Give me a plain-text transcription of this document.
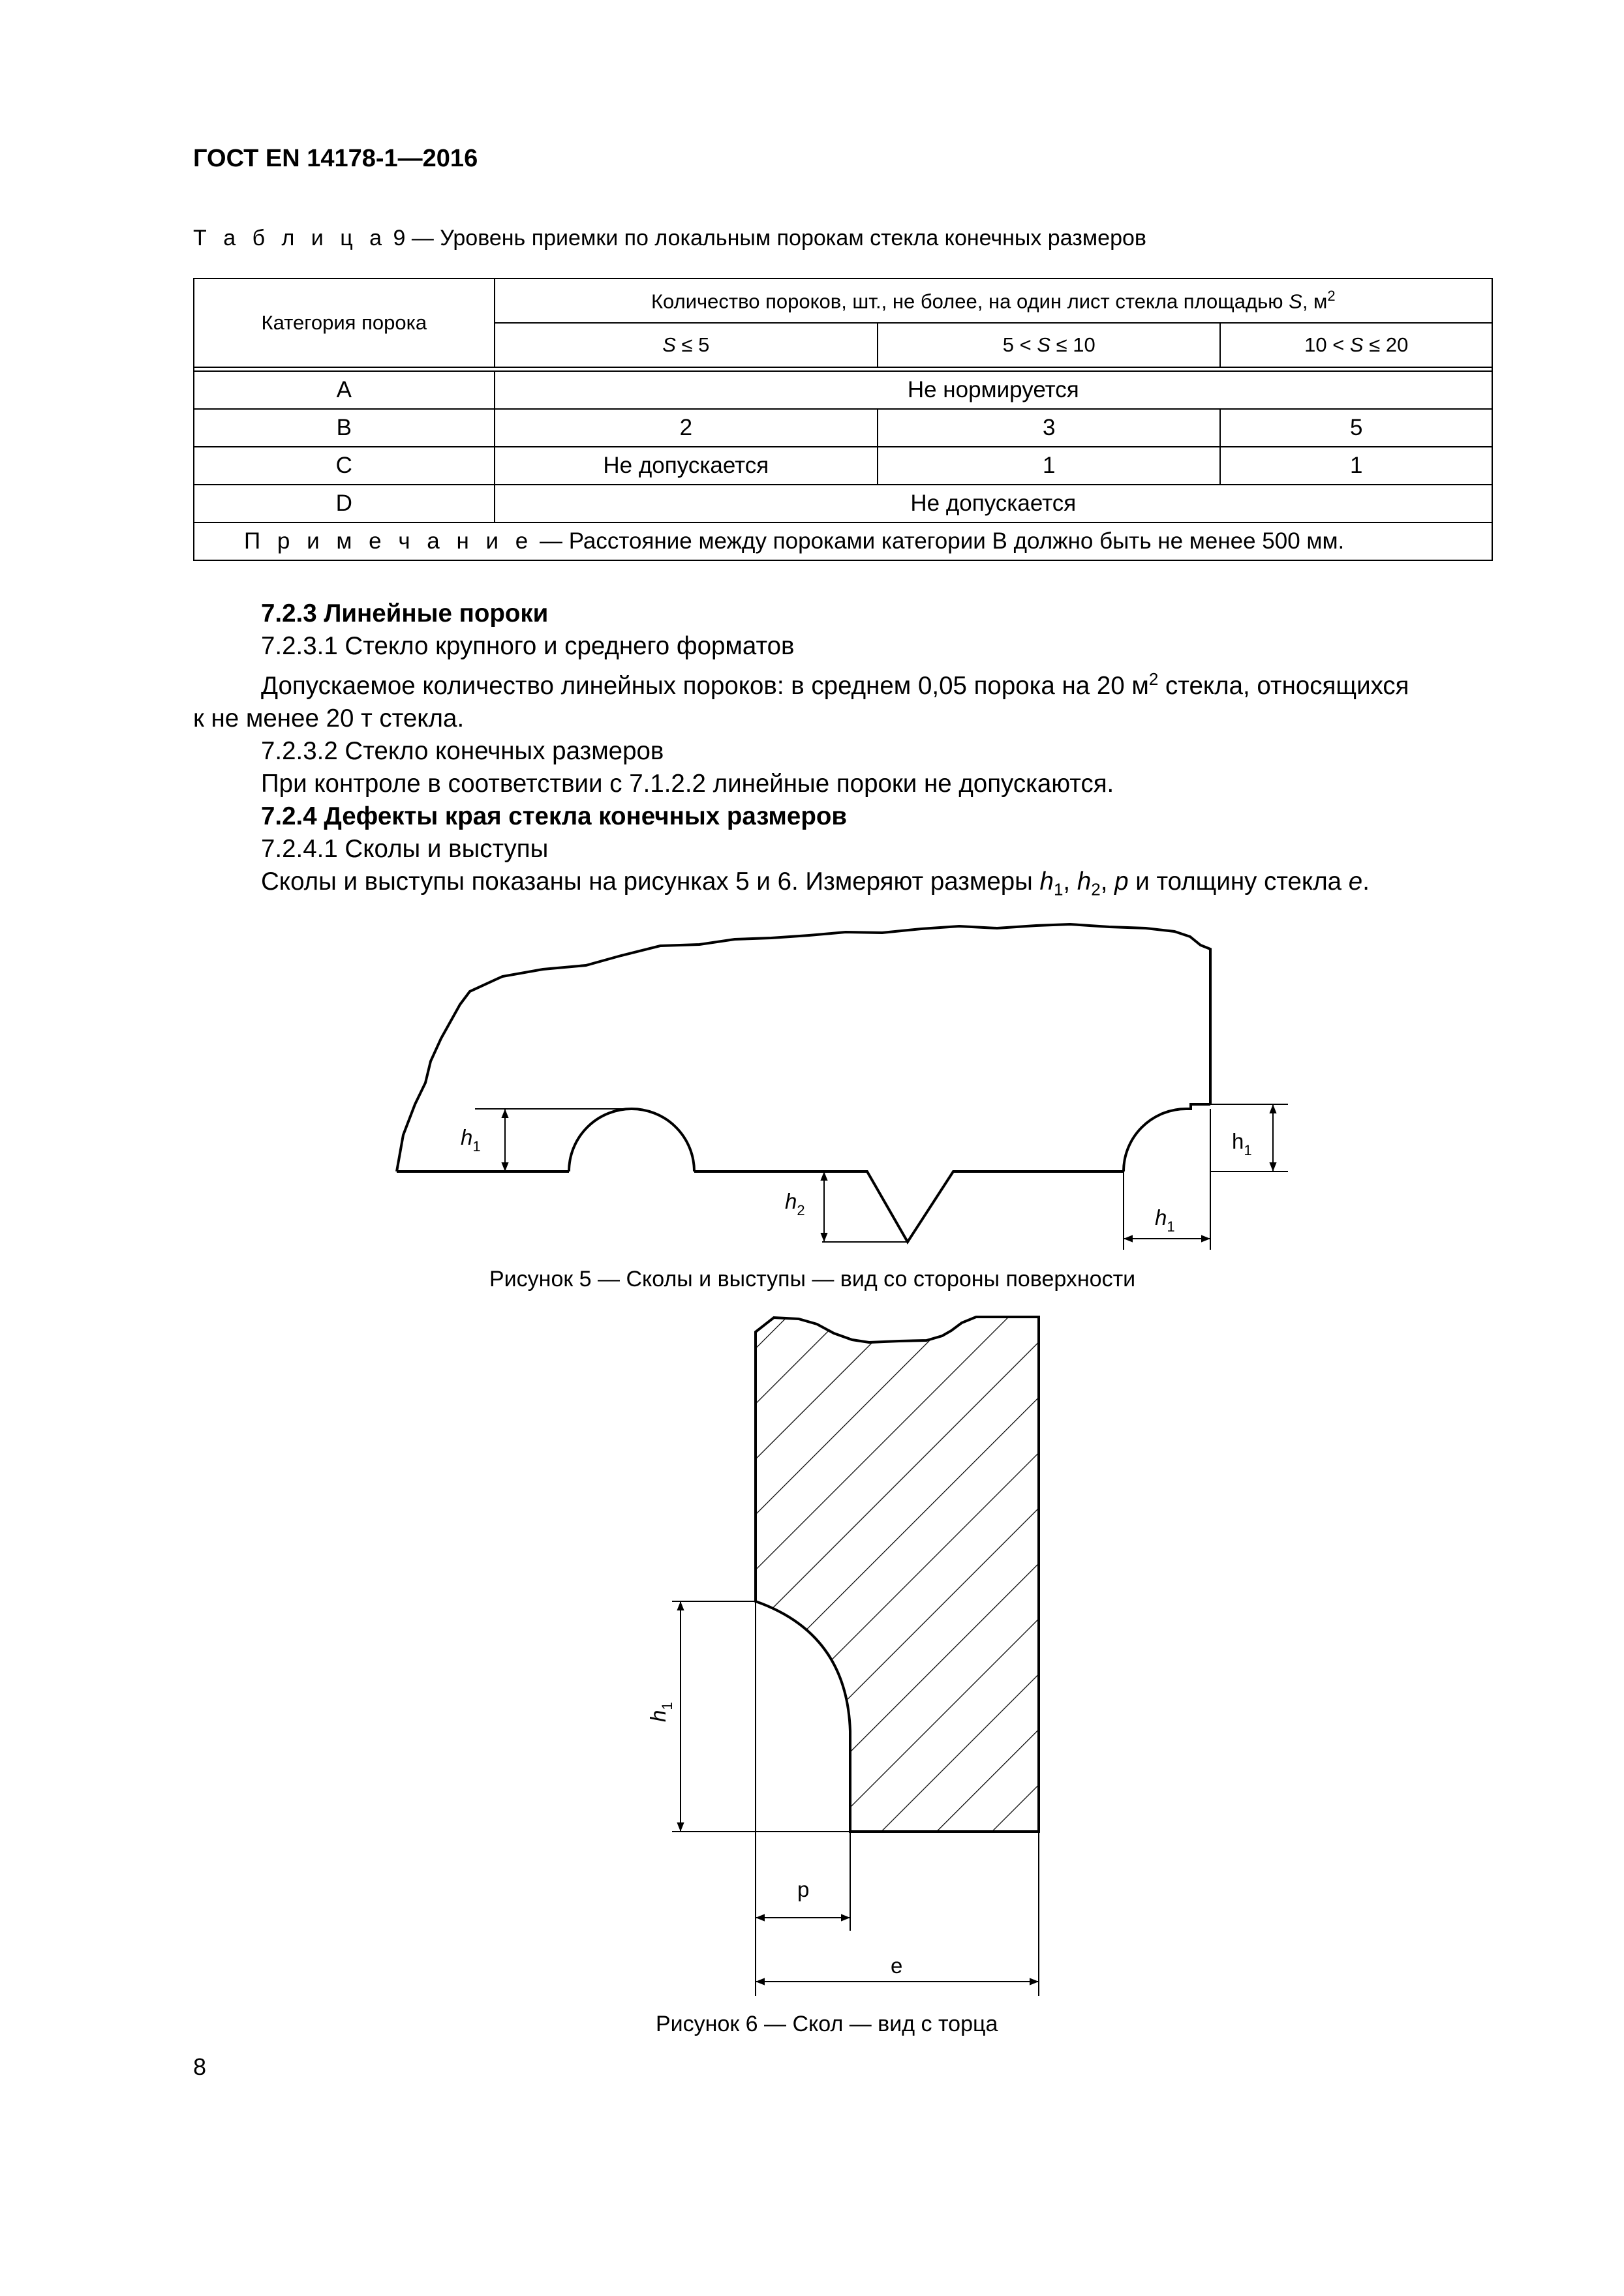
ГОСТ EN 14178-1—2016
Т а б л и ц а 9 — Уровень приемки по локальным порокам стекла конечных размеров
Категория порока	Количество пороков, шт., не более, на один лист стекла площадью S, $м^2$
	S ≤ 5	5 < S ≤ 10	10 < S ≤ 20

A	Не нормируется		
B	2	3	5
C	Не допускается	1	1
D	Не допускается		
П р и м е ч а н и е — Расстояние между пороками категории B должно быть не менее 500 мм.			

7.2.3 Линейные пороки

7.2.3.1 Стекло крупного и среднего форматов

Допускаемое количество линейных пороков: в среднем 0,05 порока на 20 $м^2$ стекла, относящихся

к не менее 20 т стекла.

7.2.3.2 Стекло конечных размеров

При контроле в соответствии с 7.1.2.2 линейные пороки не допускаются.

7.2.4 Дефекты края стекла конечных размеров

7.2.4.1 Сколы и выступы

Сколы и выступы показаны на рисунках 5 и 6. Измеряют размеры $h_1$, $h_2$, p и толщину стекла e.

$h_1$
$h_2$
$h_1$
$h_1$
Рисунок 5 — Сколы и выступы — вид со стороны поверхности
$h_1$
p
e
Рисунок 6 — Скол — вид с торца
8
